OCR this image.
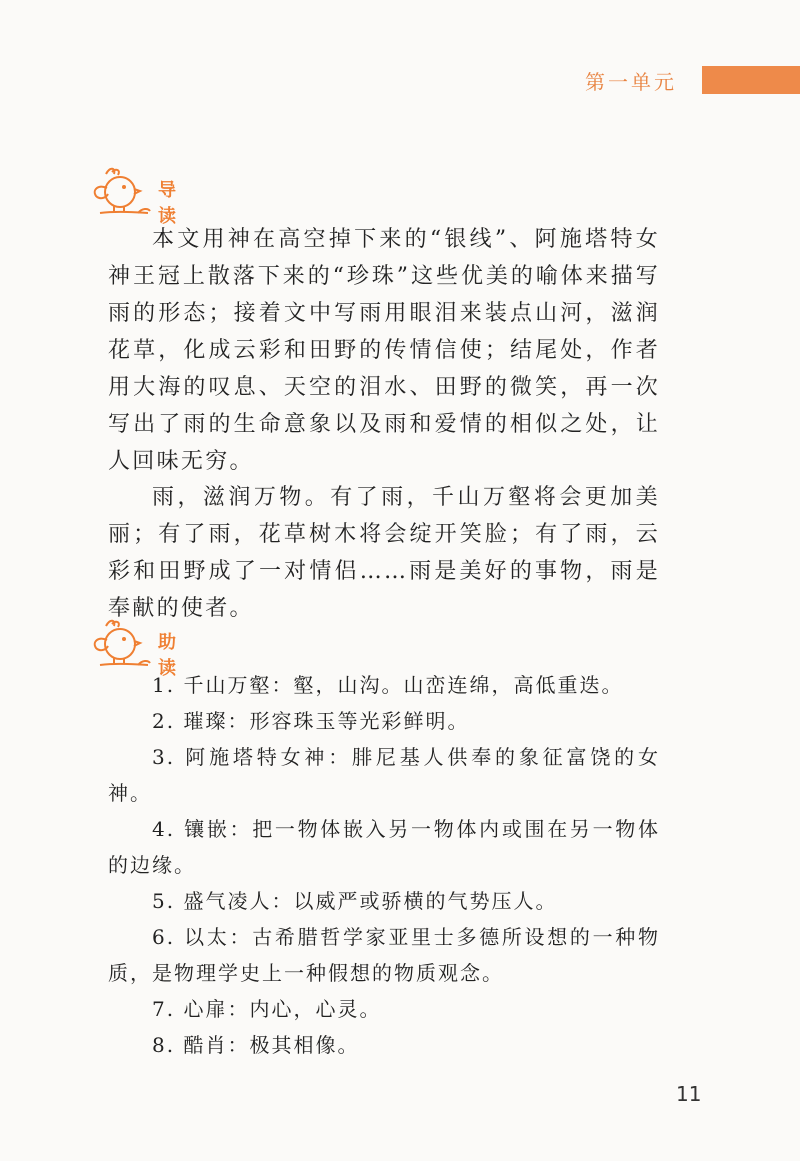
第一单元
导读

本文用神在高空掉下来的“银线”、阿施塔特女神王冠上散落下来的“珍珠”这些优美的喻体来描写雨的形态；接着文中写雨用眼泪来装点山河，滋润花草，化成云彩和田野的传情信使；结尾处，作者用大海的叹息、天空的泪水、田野的微笑，再一次写出了雨的生命意象以及雨和爱情的相似之处，让人回味无穷。

雨，滋润万物。有了雨，千山万壑将会更加美丽；有了雨，花草树木将会绽开笑脸；有了雨，云彩和田野成了一对情侣……雨是美好的事物，雨是奉献的使者。

助读
1. 千山万壑：壑，山沟。山峦连绵，高低重迭。
2. 璀璨：形容珠玉等光彩鲜明。
3. 阿施塔特女神：腓尼基人供奉的象征富饶的女神。
4. 镶嵌：把一物体嵌入另一物体内或围在另一物体的边缘。
5. 盛气凌人：以威严或骄横的气势压人。
6. 以太：古希腊哲学家亚里士多德所设想的一种物质，是物理学史上一种假想的物质观念。
7. 心扉：内心，心灵。
8. 酷肖：极其相像。
11
